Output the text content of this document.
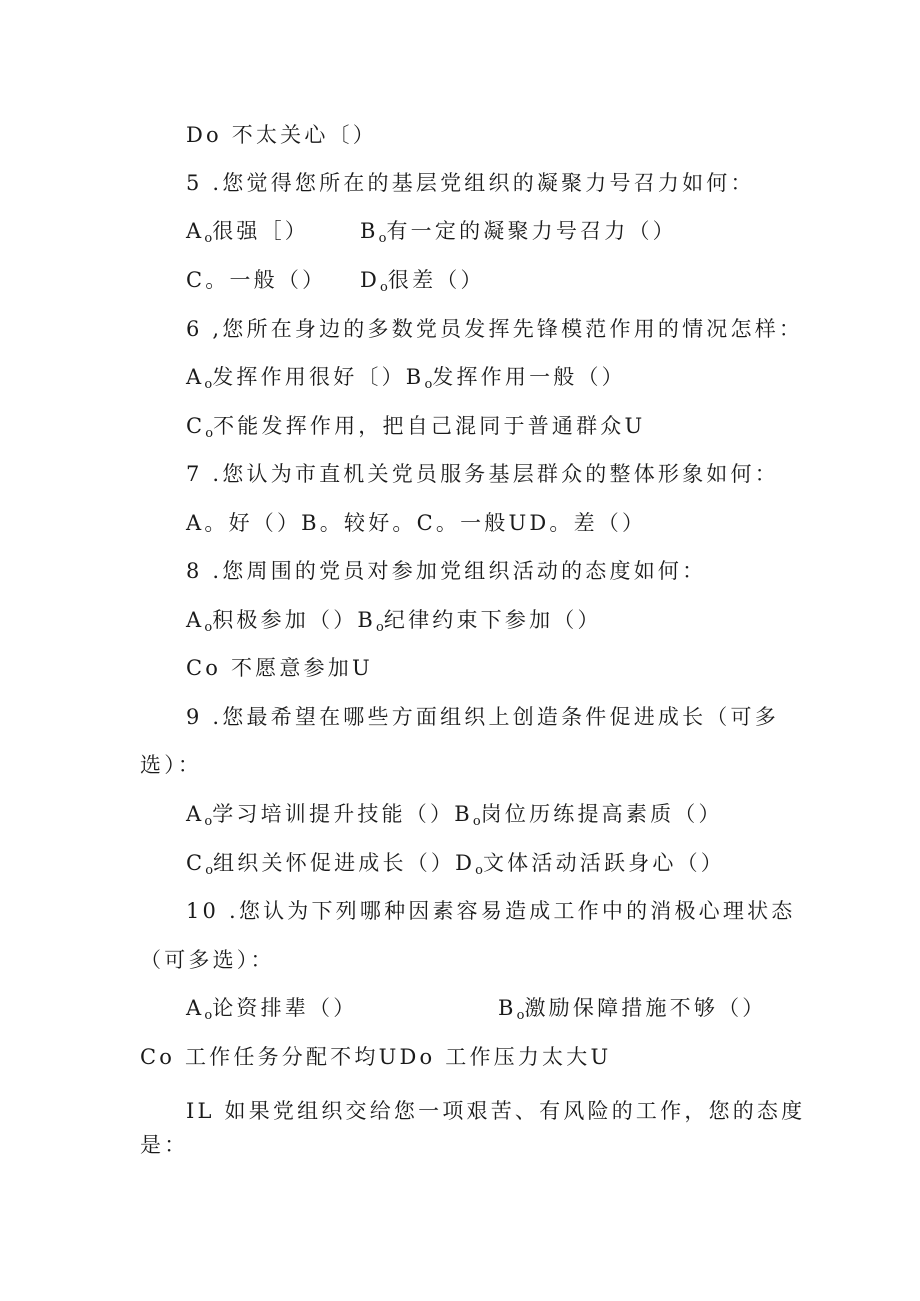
Do 不太关心〔）
5 .您觉得您所在的基层党组织的凝聚力号召力如何：
$A_o$很强［） $B_o$有一定的凝聚力号召力（）
C。一般（） $D_o$很差（）
6 ,您所在身边的多数党员发挥先锋模范作用的情况怎样：
$A_o$发挥作用很好〔）$B_o$发挥作用一般（）
$C_o$不能发挥作用，把自己混同于普通群众U
7 .您认为市直机关党员服务基层群众的整体形象如何：
A。好（）B。较好。C。一般UD。差（）
8 .您周围的党员对参加党组织活动的态度如何：
$A_o$积极参加$()B_o$纪律约束下参加（）
Co 不愿意参加U
9 .您最希望在哪些方面组织上创造条件促进成长（可多
选）：
$A_o$学习培训提升技能$()B_o$岗位历练提高素质（）
$C_o$组织关怀促进成长$()D_o$文体活动活跃身心（）
10 .您认为下列哪种因素容易造成工作中的消极心理状态
（可多选）：
$A_o$论资排辈（）	$B_o$激励保障措施不够（）
Co 工作任务分配不均UDo 工作压力太大U
IL 如果党组织交给您一项艰苦、有风险的工作，您的态度
是：
